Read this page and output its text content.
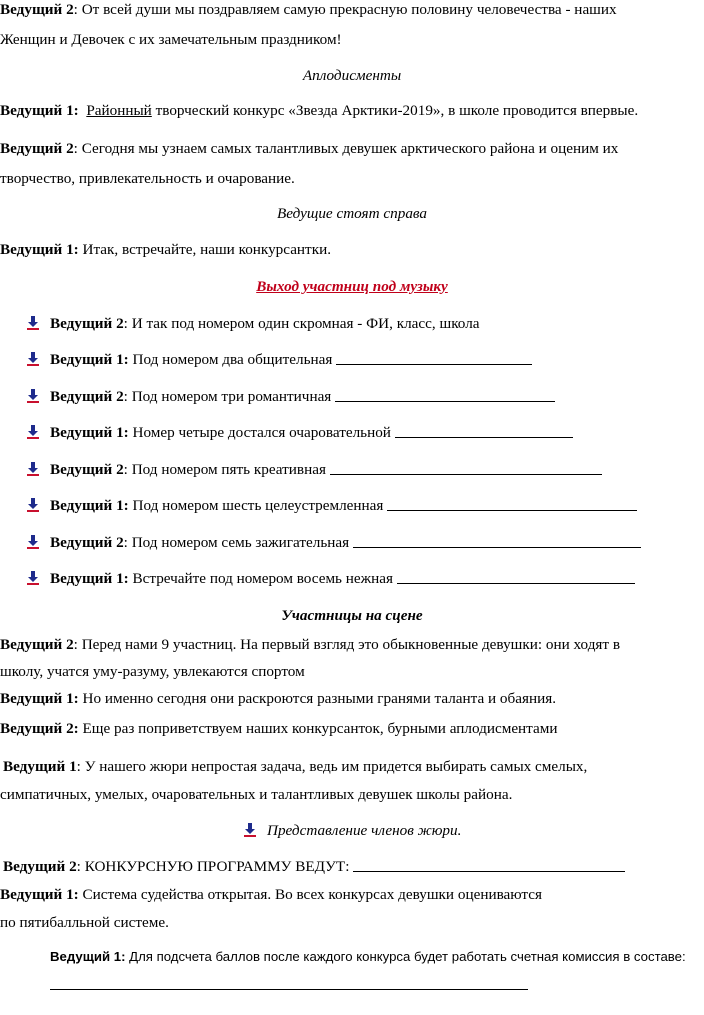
Ведущий 2: От всей души мы поздравляем самую прекрасную половину человечества - наших
Женщин и Девочек с их замечательным праздником!
Аплодисменты
Ведущий 1: Районный творческий конкурс «Звезда Арктики-2019», в школе проводится впервые.
Ведущий 2: Сегодня мы узнаем самых талантливых девушек арктического района и оценим их
творчество, привлекательность и очарование.
Ведущие стоят справа
Ведущий 1: Итак, встречайте, наши конкурсантки.
Выход участниц под музыку
Ведущий 2: И так под номером один скромная - ФИ, класс, школа
Ведущий 1: Под номером два общительная
Ведущий 2: Под номером три романтичная
Ведущий 1: Номер четыре достался очаровательной
Ведущий 2: Под номером пять креативная
Ведущий 1: Под номером шесть целеустремленная
Ведущий 2: Под номером семь зажигательная
Ведущий 1: Встречайте под номером восемь нежная
Участницы на сцене
Ведущий 2: Перед нами 9 участниц. На первый взгляд это обыкновенные девушки: они ходят в
школу, учатся уму-разуму, увлекаются спортом
Ведущий 1: Но именно сегодня они раскроются разными гранями таланта и обаяния.
Ведущий 2: Еще раз поприветствуем наших конкурсанток, бурными аплодисментами
Ведущий 1: У нашего жюри непростая задача, ведь им придется выбирать самых смелых,
симпатичных, умелых, очаровательных и талантливых девушек школы района.
Представление членов жюри.
Ведущий 2: КОНКУРСНУЮ ПРОГРАММУ ВЕДУТ:
Ведущий 1: Система судейства открытая. Во всех конкурсах девушки оцениваются
по пятибалльной системе.
Ведущий 1: Для подсчета баллов после каждого конкурса будет работать счетная комиссия в составе:
